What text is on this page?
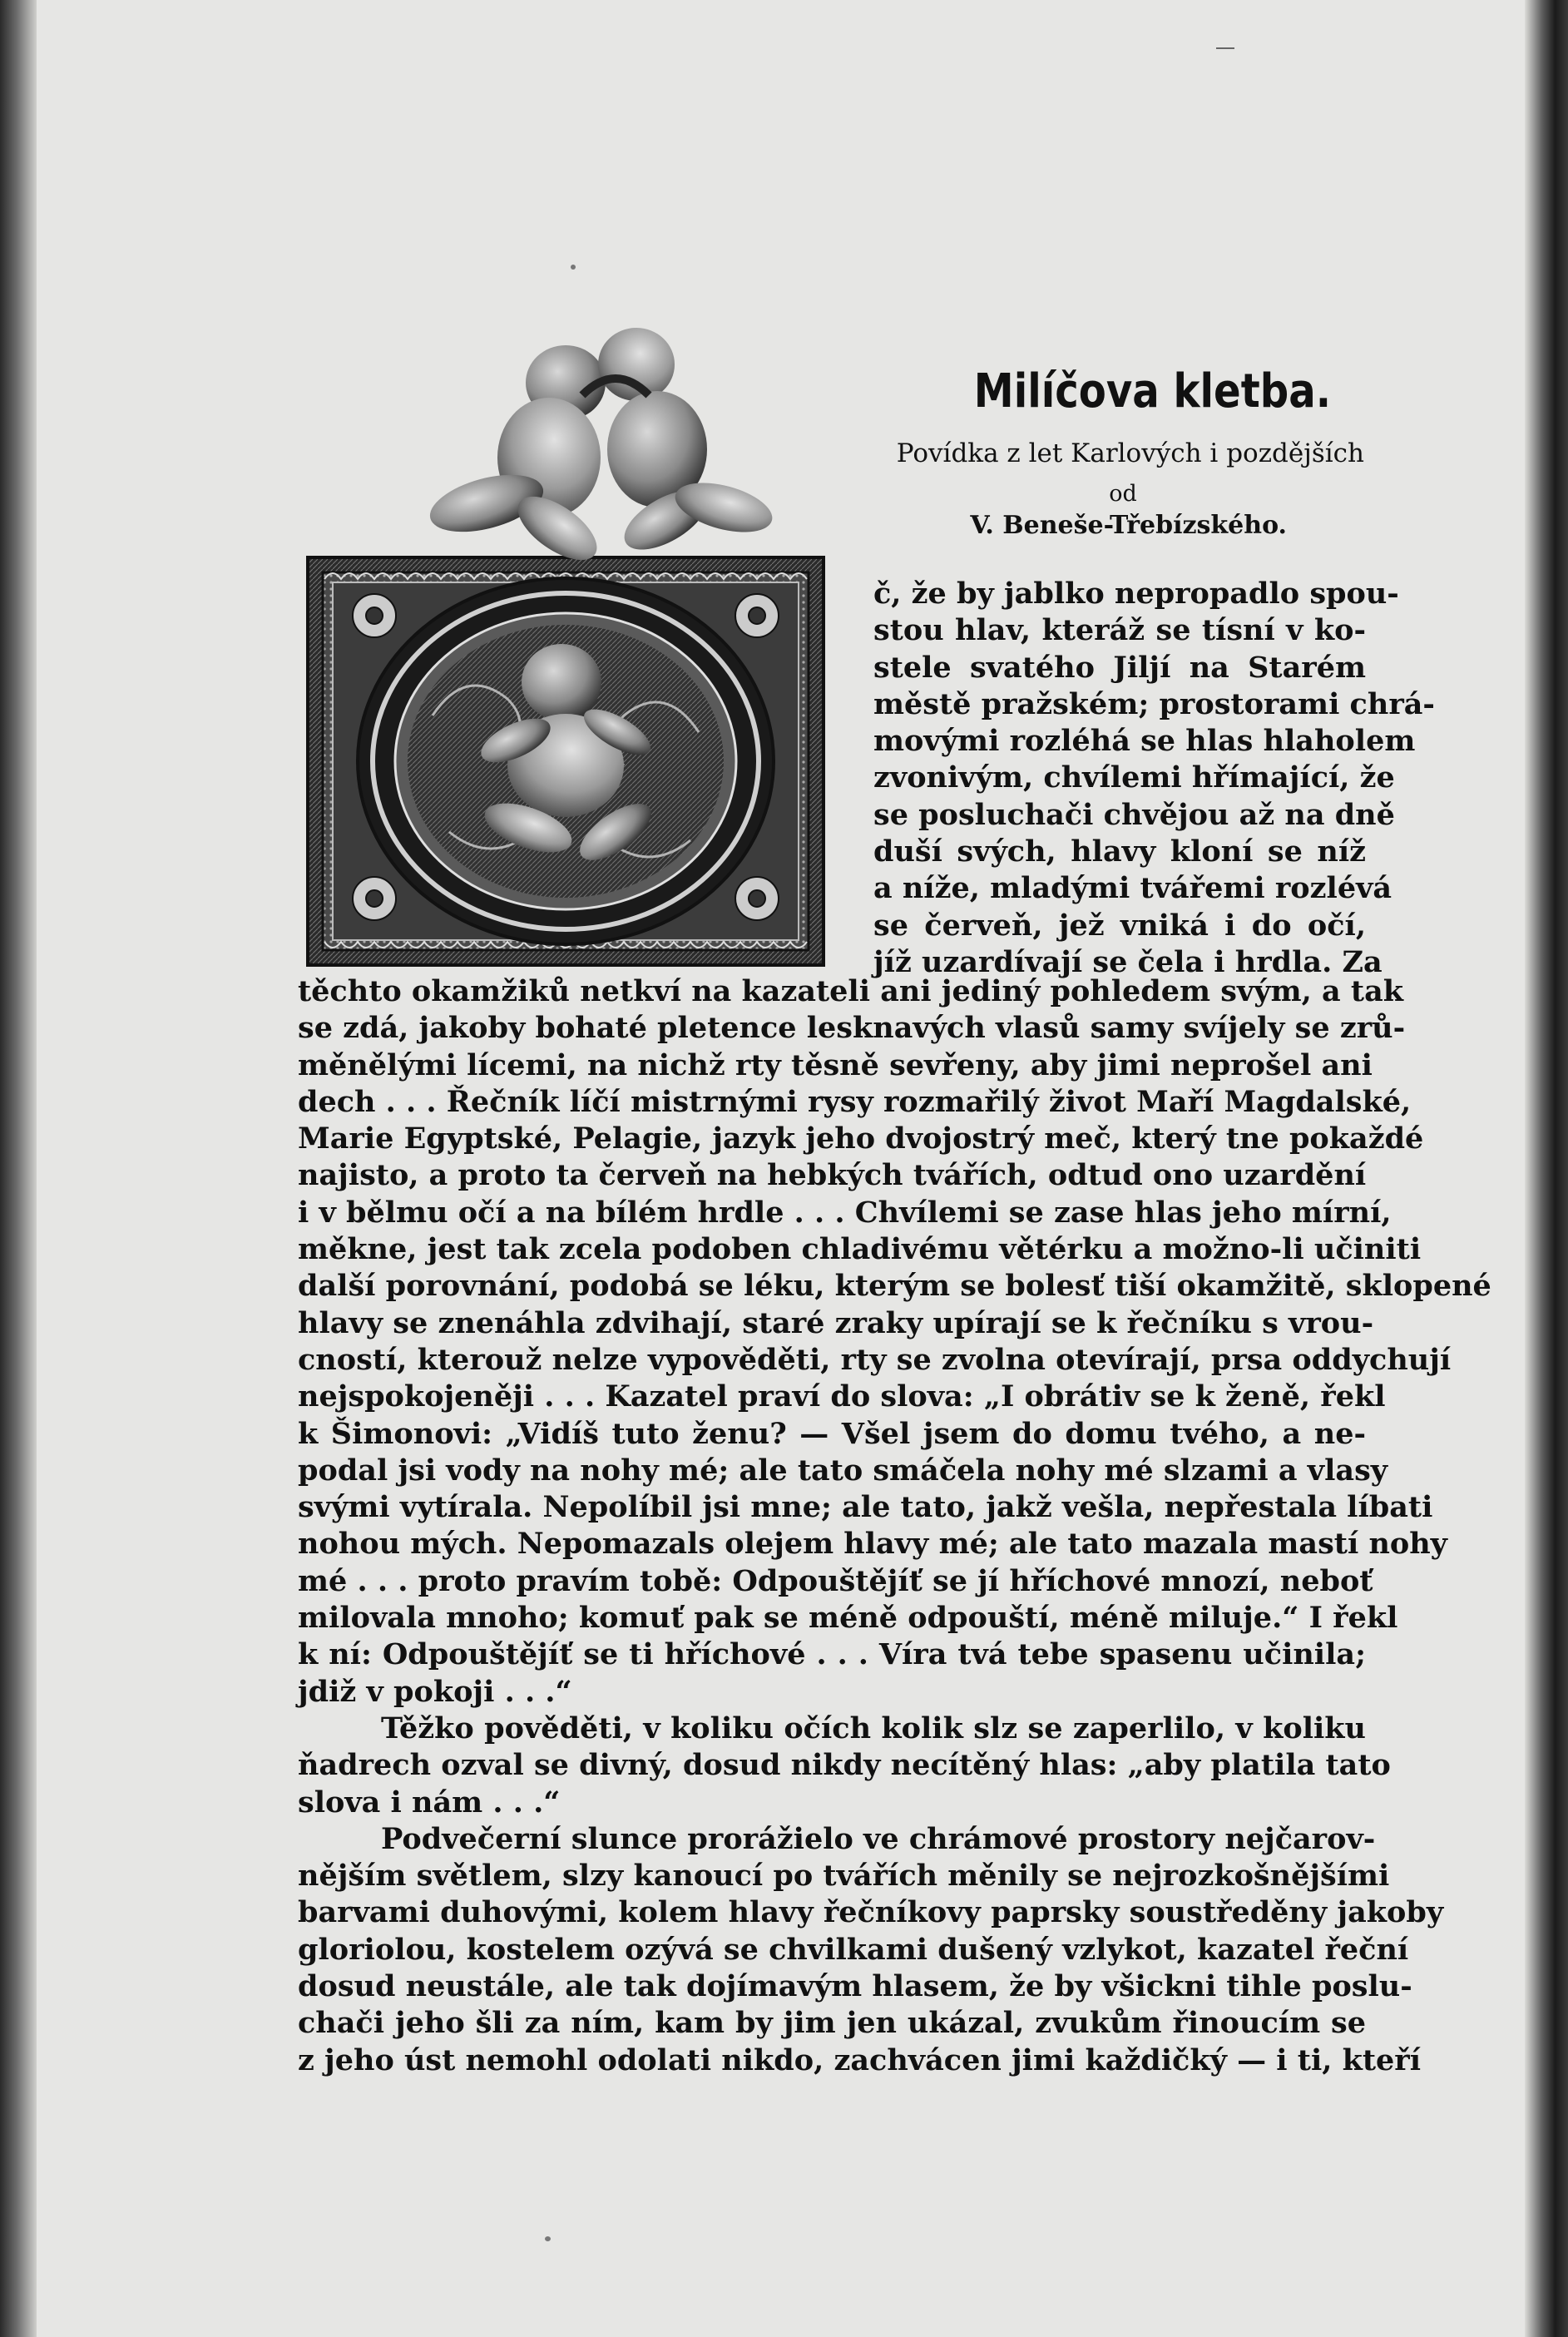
Milíčova kletba.
Povídka z let Karlových i pozdějších
od
V. Beneše-Třebízského.
č, že by jablko nepropadlo spou-
stou hlav, kteráž se tísní v ko-
stele svatého Jiljí na Starém
městě pražském; prostorami chrá-
movými rozléhá se hlas hlaholem
zvonivým, chvílemi hřímající, že
se posluchači chvějou až na dně
duší svých, hlavy kloní se níž
a níže, mladými tvářemi rozlévá
se červeň, jež vniká i do očí,
jíž uzardívají se čela i hrdla. Za
těchto okamžiků netkví na kazateli ani jediný pohledem svým, a tak
se zdá, jakoby bohaté pletence lesknavých vlasů samy svíjely se zrů-
měnělými lícemi, na nichž rty těsně sevřeny, aby jimi neprošel ani
dech . . . Řečník líčí mistrnými rysy rozmařilý život Maří Magdalské,
Marie Egyptské, Pelagie, jazyk jeho dvojostrý meč, který tne pokaždé
najisto, a proto ta červeň na hebkých tvářích, odtud ono uzardění
i v bělmu očí a na bílém hrdle . . . Chvílemi se zase hlas jeho mírní,
měkne, jest tak zcela podoben chladivému větérku a možno-li učiniti
další porovnání, podobá se léku, kterým se bolesť tiší okamžitě, sklopené
hlavy se znenáhla zdvihají, staré zraky upírají se k řečníku s vrou-
cností, kterouž nelze vypověděti, rty se zvolna otevírají, prsa oddychují
nejspokojeněji . . . Kazatel praví do slova: „I obrátiv se k ženě, řekl
k Šimonovi: „Vidíš tuto ženu? — Všel jsem do domu tvého, a ne-
podal jsi vody na nohy mé; ale tato smáčela nohy mé slzami a vlasy
svými vytírala. Nepolíbil jsi mne; ale tato, jakž vešla, nepřestala líbati
nohou mých. Nepomazals olejem hlavy mé; ale tato mazala mastí nohy
mé . . . proto pravím tobě: Odpouštějíť se jí hříchové mnozí, neboť
milovala mnoho; komuť pak se méně odpouští, méně miluje.“ I řekl
k ní: Odpouštějíť se ti hříchové . . . Víra tvá tebe spasenu učinila;
jdiž v pokoji . . .“
Těžko pověděti, v koliku očích kolik slz se zaperlilo, v koliku
ňadrech ozval se divný, dosud nikdy necítěný hlas: „aby platila tato
slova i nám . . .“
Podvečerní slunce prorážielo ve chrámové prostory nejčarov-
nějším světlem, slzy kanoucí po tvářích měnily se nejrozkošnějšími
barvami duhovými, kolem hlavy řečníkovy paprsky soustředěny jakoby
gloriolou, kostelem ozývá se chvilkami dušený vzlykot, kazatel řeční
dosud neustále, ale tak dojímavým hlasem, že by všickni tihle poslu-
chači jeho šli za ním, kam by jim jen ukázal, zvukům řinoucím se
z jeho úst nemohl odolati nikdo, zachvácen jimi každičký — i ti, kteří
